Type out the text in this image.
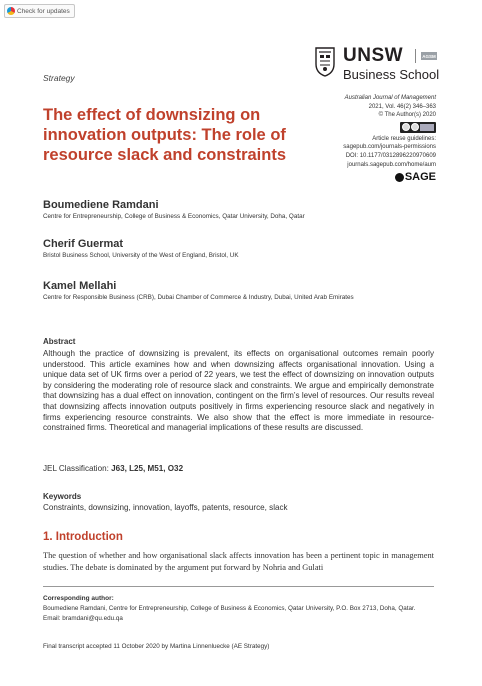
Check for updates
Strategy
UNSW	AGSM
Business School
Australian Journal of Management
2021, Vol. 46(2) 346–363
© The Author(s) 2020
Article reuse guidelines:
sagepub.com/journals-permissions
DOI: 10.1177/0312896220970609
journals.sagepub.com/home/aum
SAGE
The effect of downsizing on innovation outputs: The role of resource slack and constraints
Boumediene Ramdani
Centre for Entrepreneurship, College of Business & Economics, Qatar University, Doha, Qatar
Cherif Guermat
Bristol Business School, University of the West of England, Bristol, UK
Kamel Mellahi
Centre for Responsible Business (CRB), Dubai Chamber of Commerce & Industry, Dubai, United Arab Emirates
Abstract

Although the practice of downsizing is prevalent, its effects on organisational outcomes remain poorly understood. This article examines how and when downsizing affects organisational innovation. Using a unique data set of UK firms over a period of 22 years, we test the effect of downsizing on innovation outputs by considering the moderating role of resource slack and constraints. We argue and empirically demonstrate that downsizing has a dual effect on innovation, contingent on the firm’s level of resources. Our results reveal that downsizing affects innovation outputs positively in firms experiencing resource slack and negatively in firms experiencing resource constraints. We also show that the effect is more immediate in resource-constrained firms. Theoretical and managerial implications of these results are discussed.

JEL Classification: J63, L25, M51, O32
Keywords
Constraints, downsizing, innovation, layoffs, patents, resource, slack
1. Introduction

The question of whether and how organisational slack affects innovation has been a pertinent topic in management studies. The debate is dominated by the argument put forward by Nohria and Gulati

Corresponding author:
Boumediene Ramdani, Centre for Entrepreneurship, College of Business & Economics, Qatar University, P.O. Box 2713, Doha, Qatar.
Email: bramdani@qu.edu.qa
Final transcript accepted 11 October 2020 by Martina Linnenluecke (AE Strategy)
